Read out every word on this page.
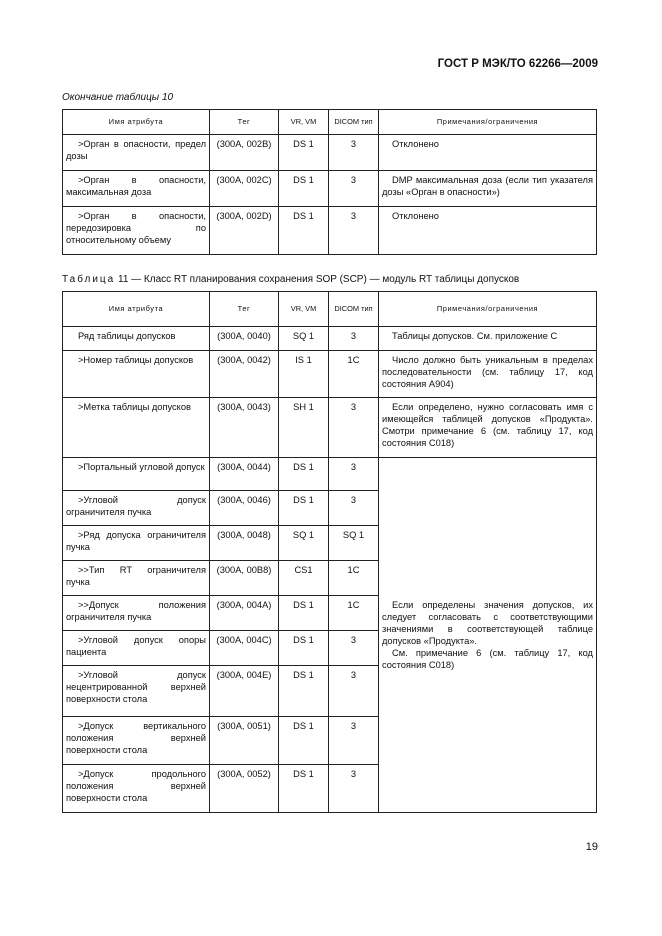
ГОСТ Р МЭК/ТО 62266—2009
Окончание таблицы 10
Имя атрибута	Тег	VR, VM	DICOM тип	Примечания/ограничения
>Орган в опасности, предел дозы	(300A, 002B)	DS 1	3	Отклонено
>Орган в опасности, максимальная доза	(300A, 002C)	DS 1	3	DMP максимальная доза (если тип указателя дозы «Орган в опасности»)
>Орган в опасности, передозировка по относительному объему	(300A, 002D)	DS 1	3	Отклонено
Таблица 11 — Класс RT планирования сохранения SOP (SCP) — модуль RT таблицы допусков
Имя атрибута	Тег	VR, VM	DICOM тип	Примечания/ограничения
Ряд таблицы допусков	(300A, 0040)	SQ 1	3	Таблицы допусков. См. приложение С
>Номер таблицы допусков	(300A, 0042)	IS 1	1C	Число должно быть уникальным в пределах последовательности (см. таблицу 17, код состояния А904)
>Метка таблицы допусков	(300A, 0043)	SH 1	3	Если определено, нужно согласовать имя с имеющейся таблицей допусков «Продукта». Смотри примечание 6 (см. таблицу 17, код состояния С018)
>Портальный угловой допуск	(300A, 0044)	DS 1	3	Если определены значения допусков, их следует согласовать с соответствующими значениями в соответствующей таблице допусков «Продукта».
См. примечание 6 (см. таблицу 17, код состояния С018)

>Угловой допуск ограничителя пучка	(300A, 0046)	DS 1	3	
>Ряд допуска ограничителя пучка	(300A, 0048)	SQ 1	SQ 1	
>>Тип RT ограничителя пучка	(300A, 00B8)	CS1	1C	
>>Допуск положения ограничителя пучка	(300A, 004A)	DS 1	1C	
>Угловой допуск опоры пациента	(300A, 004C)	DS 1	3	
>Угловой допуск нецентрированной верхней поверхности стола	(300A, 004E)	DS 1	3	
>Допуск вертикального положения верхней поверхности стола	(300A, 0051)	DS 1	3	
>Допуск продольного положения верхней поверхности стола	(300A, 0052)	DS 1	3	
19
